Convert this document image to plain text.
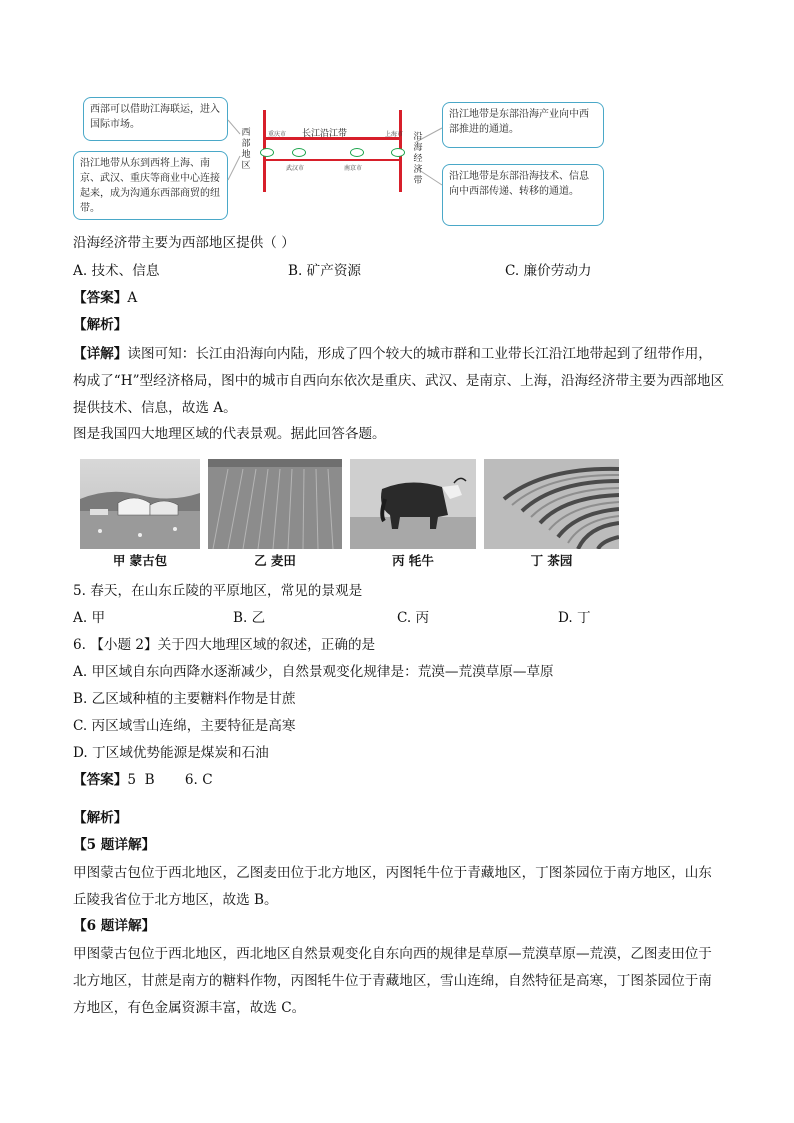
西部可以借助江海联运，进入国际市场。
沿江地带从东到西将上海、南京、武汉、重庆等商业中心连接起来，成为沟通东西部商贸的纽带。
沿江地带是东部沿海产业向中西部推进的通道。
沿江地带是东部沿海技术、信息向中西部传递、转移的通道。
西部地区
沿海经济带
长江沿江带
重庆市	上海市
武汉市	南京市
沿海经济带主要为西部地区提供（ ）
A. 技术、信息	B. 矿产资源	C. 廉价劳动力
【答案】A
【解析】
【详解】读图可知：长江由沿海向内陆，形成了四个较大的城市群和工业带长江沿江地带起到了纽带作用，构成了“H”型经济格局，图中的城市自西向东依次是重庆、武汉、是南京、上海，沿海经济带主要为西部地区提供技术、信息，故选 A。
图是我国四大地理区域的代表景观。据此回答各题。
甲 蒙古包	乙 麦田	丙 牦牛	丁 茶园
5. 春天，在山东丘陵的平原地区，常见的景观是
A. 甲	B. 乙	C. 丙	D. 丁
6. 【小题 2】关于四大地理区域的叙述，正确的是
A. 甲区域自东向西降水逐渐减少，自然景观变化规律是：荒漠—荒漠草原—草原
B. 乙区域种植的主要糖料作物是甘蔗
C. 丙区域雪山连绵，主要特征是高寒
D. 丁区域优势能源是煤炭和石油
【答案】5  B       6. C
【解析】
【5 题详解】
甲图蒙古包位于西北地区，乙图麦田位于北方地区，丙图牦牛位于青藏地区，丁图茶园位于南方地区，山东丘陵我省位于北方地区，故选 B。
【6 题详解】
甲图蒙古包位于西北地区，西北地区自然景观变化自东向西的规律是草原—荒漠草原—荒漠，乙图麦田位于北方地区，甘蔗是南方的糖料作物，丙图牦牛位于青藏地区，雪山连绵，自然特征是高寒，丁图茶园位于南方地区，有色金属资源丰富，故选 C。
